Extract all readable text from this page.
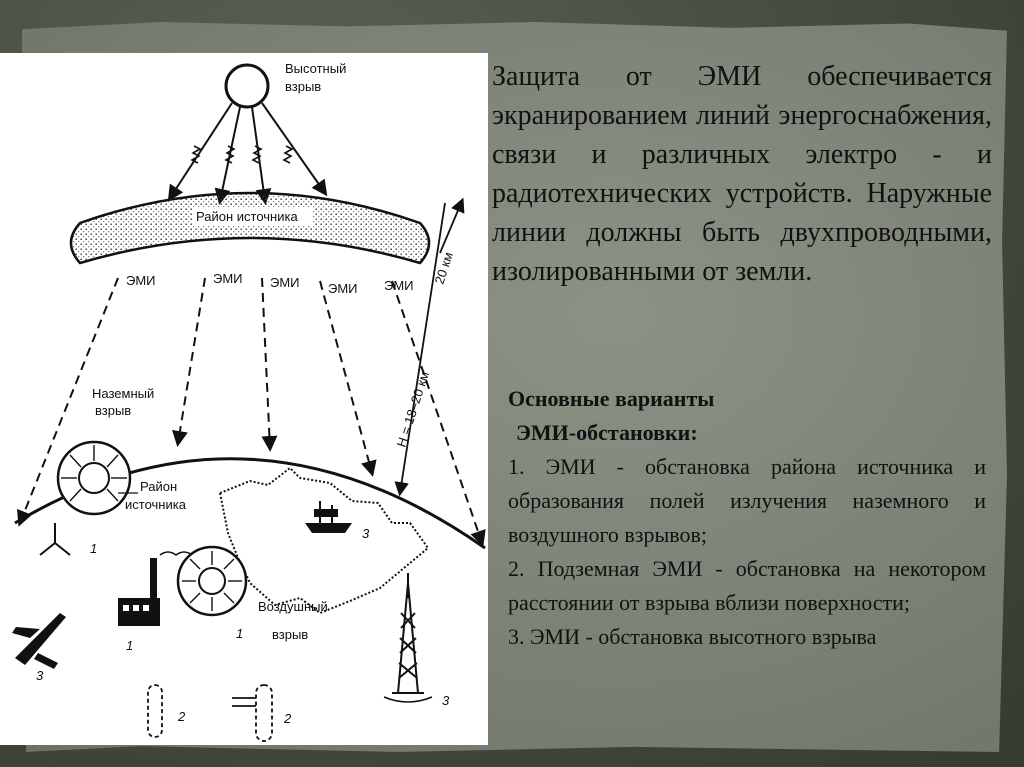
Высотный
взрыв
Район источника
ЭМИ	ЭМИ ЭМИ ЭМИ ЭМИ 20 км
H = 18–20 км
3
Наземный
взрыв
Район
источника
1
1
Воздушный
взрыв
1
3
2	2
3

Защита от ЭМИ обеспечивается экранированием линий энергоснабжения, связи и различных электро - и радиотехнических устройств. Наружные линии должны быть двухпроводными, изолированными от земли.

Основные варианты

ЭМИ-обстановки:

1. ЭМИ - обстановка района источника и образования полей излучения наземного и воздушного взрывов;

2. Подземная ЭМИ - обстановка на некотором расстоянии от взрыва вблизи поверхности;

3. ЭМИ - обстановка высотного взрыва
